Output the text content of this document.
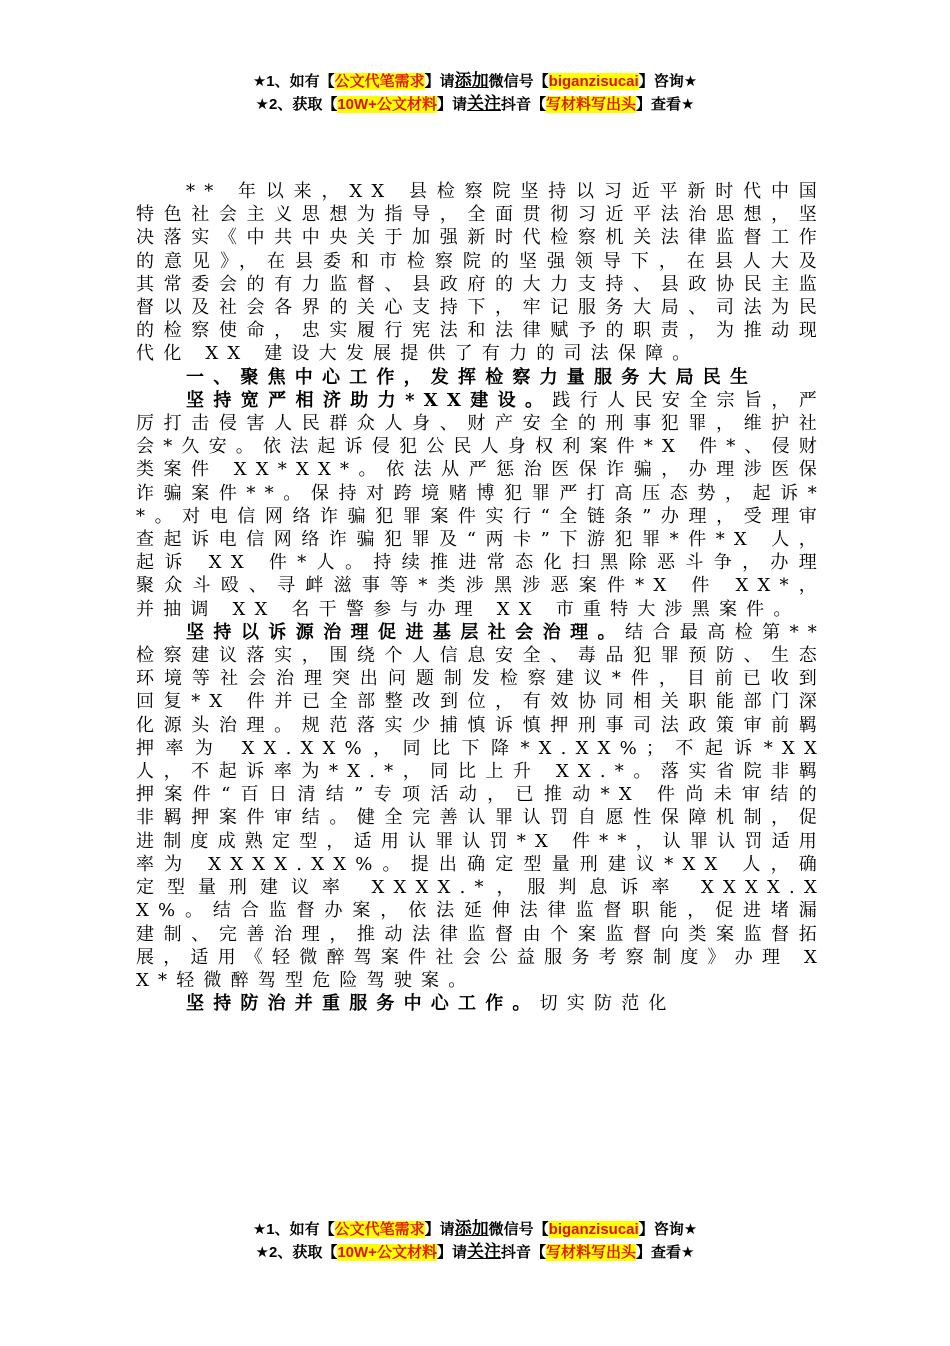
★1、如有【公文代笔需求】请添加微信号【biganzisucai】咨询★
★2、获取【10W+公文材料】请关注抖音【写材料写出头】查看★

** 年以来，XX 县检察院坚持以习近平新时代中国特色社会主义思想为指导，全面贯彻习近平法治思想，坚决落实《中共中央关于加强新时代检察机关法律监督工作的意见》，在县委和市检察院的坚强领导下，在县人大及其常委会的有力监督、县政府的大力支持、县政协民主监督以及社会各界的关心支持下，牢记服务大局、司法为民的检察使命，忠实履行宪法和法律赋予的职责，为推动现代化 XX 建设大发展提供了有力的司法保障。

一、聚焦中心工作，发挥检察力量服务大局民生

坚持宽严相济助力*XX建设。践行人民安全宗旨，严厉打击侵害人民群众人身、财产安全的刑事犯罪，维护社会*久安。依法起诉侵犯公民人身权利案件*X 件*、侵财类案件 XX*XX*。依法从严惩治医保诈骗，办理涉医保诈骗案件**。保持对跨境赌博犯罪严打高压态势，起诉**。对电信网络诈骗犯罪案件实行“全链条”办理，受理审查起诉电信网络诈骗犯罪及“两卡”下游犯罪*件*X 人，起诉 XX 件*人。持续推进常态化扫黑除恶斗争，办理聚众斗殴、寻衅滋事等*类涉黑涉恶案件*X 件 XX*，并抽调 XX 名干警参与办理 XX 市重特大涉黑案件。

坚持以诉源治理促进基层社会治理。结合最高检第**检察建议落实，围绕个人信息安全、毒品犯罪预防、生态环境等社会治理突出问题制发检察建议*件，目前已收到回复*X 件并已全部整改到位，有效协同相关职能部门深化源头治理。规范落实少捕慎诉慎押刑事司法政策审前羁押率为 XX.XX%，同比下降*X.XX%；不起诉*XX 人，不起诉率为*X.*，同比上升 XX.*。落实省院非羁押案件“百日清结”专项活动，已推动*X 件尚未审结的非羁押案件审结。健全完善认罪认罚自愿性保障机制，促进制度成熟定型，适用认罪认罚*X 件**，认罪认罚适用率为 XXXX.XX%。提出确定型量刑建议*XX 人，确定型量刑建议率 XXXX.*，服判息诉率 XXXX.XX%。结合监督办案，依法延伸法律监督职能，促进堵漏建制、完善治理，推动法律监督由个案监督向类案监督拓展，适用《轻微醉驾案件社会公益服务考察制度》办理 XX*轻微醉驾型危险驾驶案。

坚持防治并重服务中心工作。切实防范化

★1、如有【公文代笔需求】请添加微信号【biganzisucai】咨询★
★2、获取【10W+公文材料】请关注抖音【写材料写出头】查看★
